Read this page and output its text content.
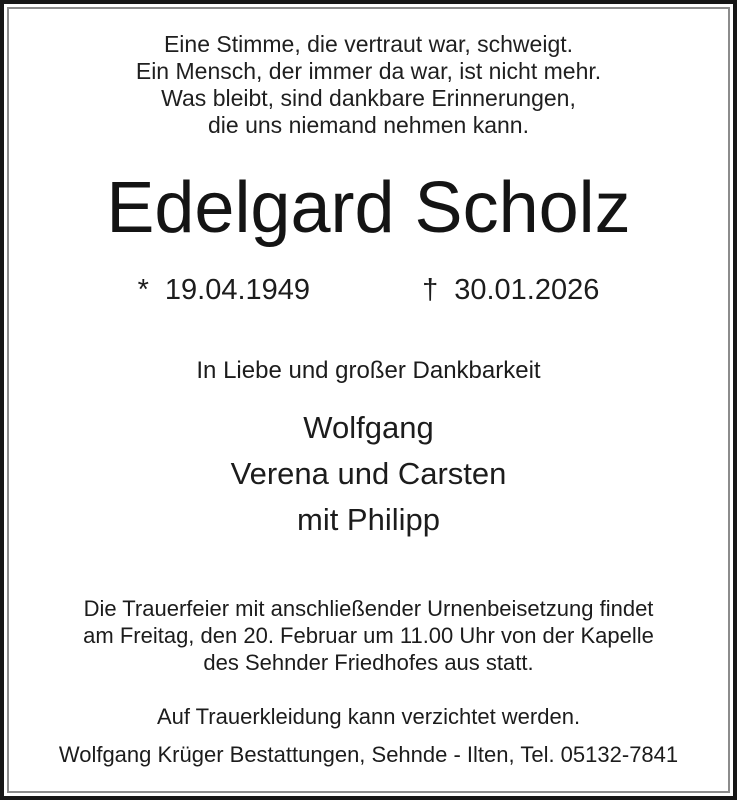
Eine Stimme, die vertraut war, schweigt.

Ein Mensch, der immer da war, ist nicht mehr.

Was bleibt, sind dankbare Erinnerungen,

die uns niemand nehmen kann.

Edelgard Scholz
* 19.04.1949	† 30.01.2026

In Liebe und großer Dankbarkeit

Wolfgang

Verena und Carsten

mit Philipp

Die Trauerfeier mit anschließender Urnenbeisetzung findet

am Freitag, den 20. Februar um 11.00 Uhr von der Kapelle

des Sehnder Friedhofes aus statt.

Auf Trauerkleidung kann verzichtet werden.

Wolfgang Krüger Bestattungen, Sehnde - Ilten, Tel. 05132-7841
